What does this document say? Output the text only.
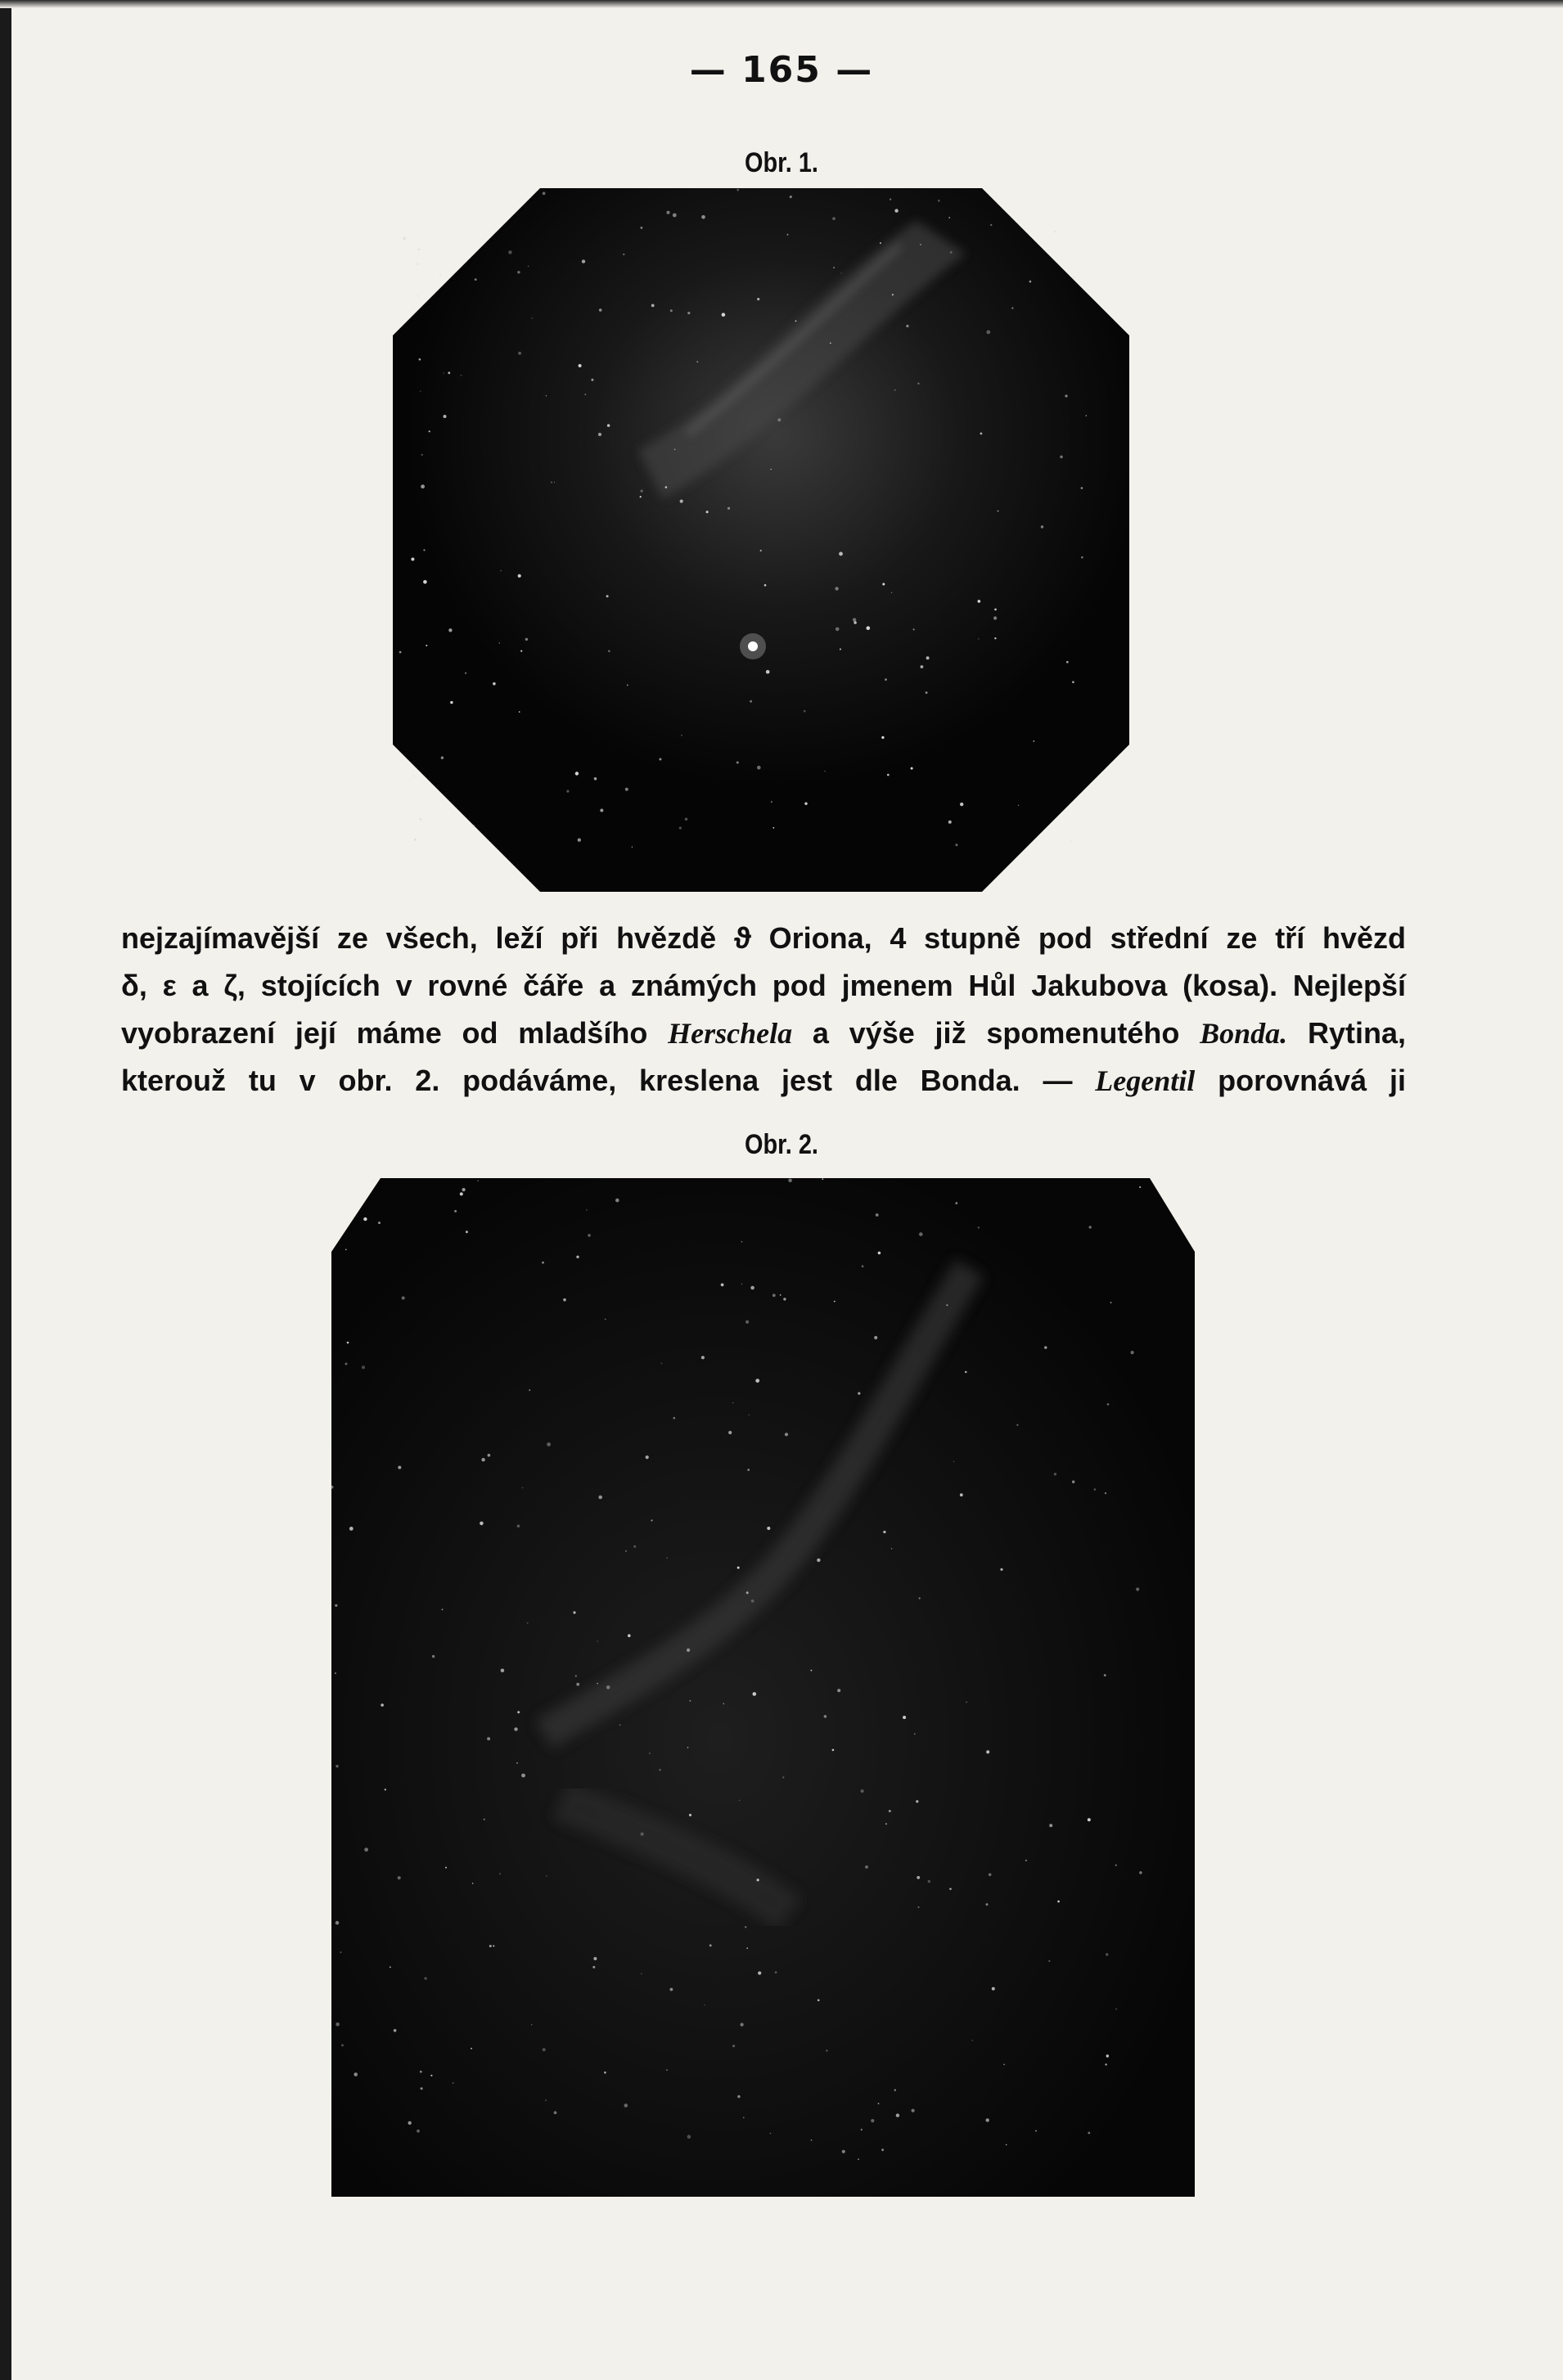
— 165 —
Obr. 1.
nejzajímavější ze všech, leží při hvězdě ϑ Oriona, 4 stupně pod střední ze tří hvězd
δ, ε a ζ, stojících v rovné čáře a známých pod jmenem Hůl Jakubova (kosa). Nejlepší
vyobrazení její máme od mladšího Herschela a výše již spomenutého Bonda. Rytina,
kterouž tu v obr. 2. podáváme, kreslena jest dle Bonda. — Legentil porovnává ji
Obr. 2.
